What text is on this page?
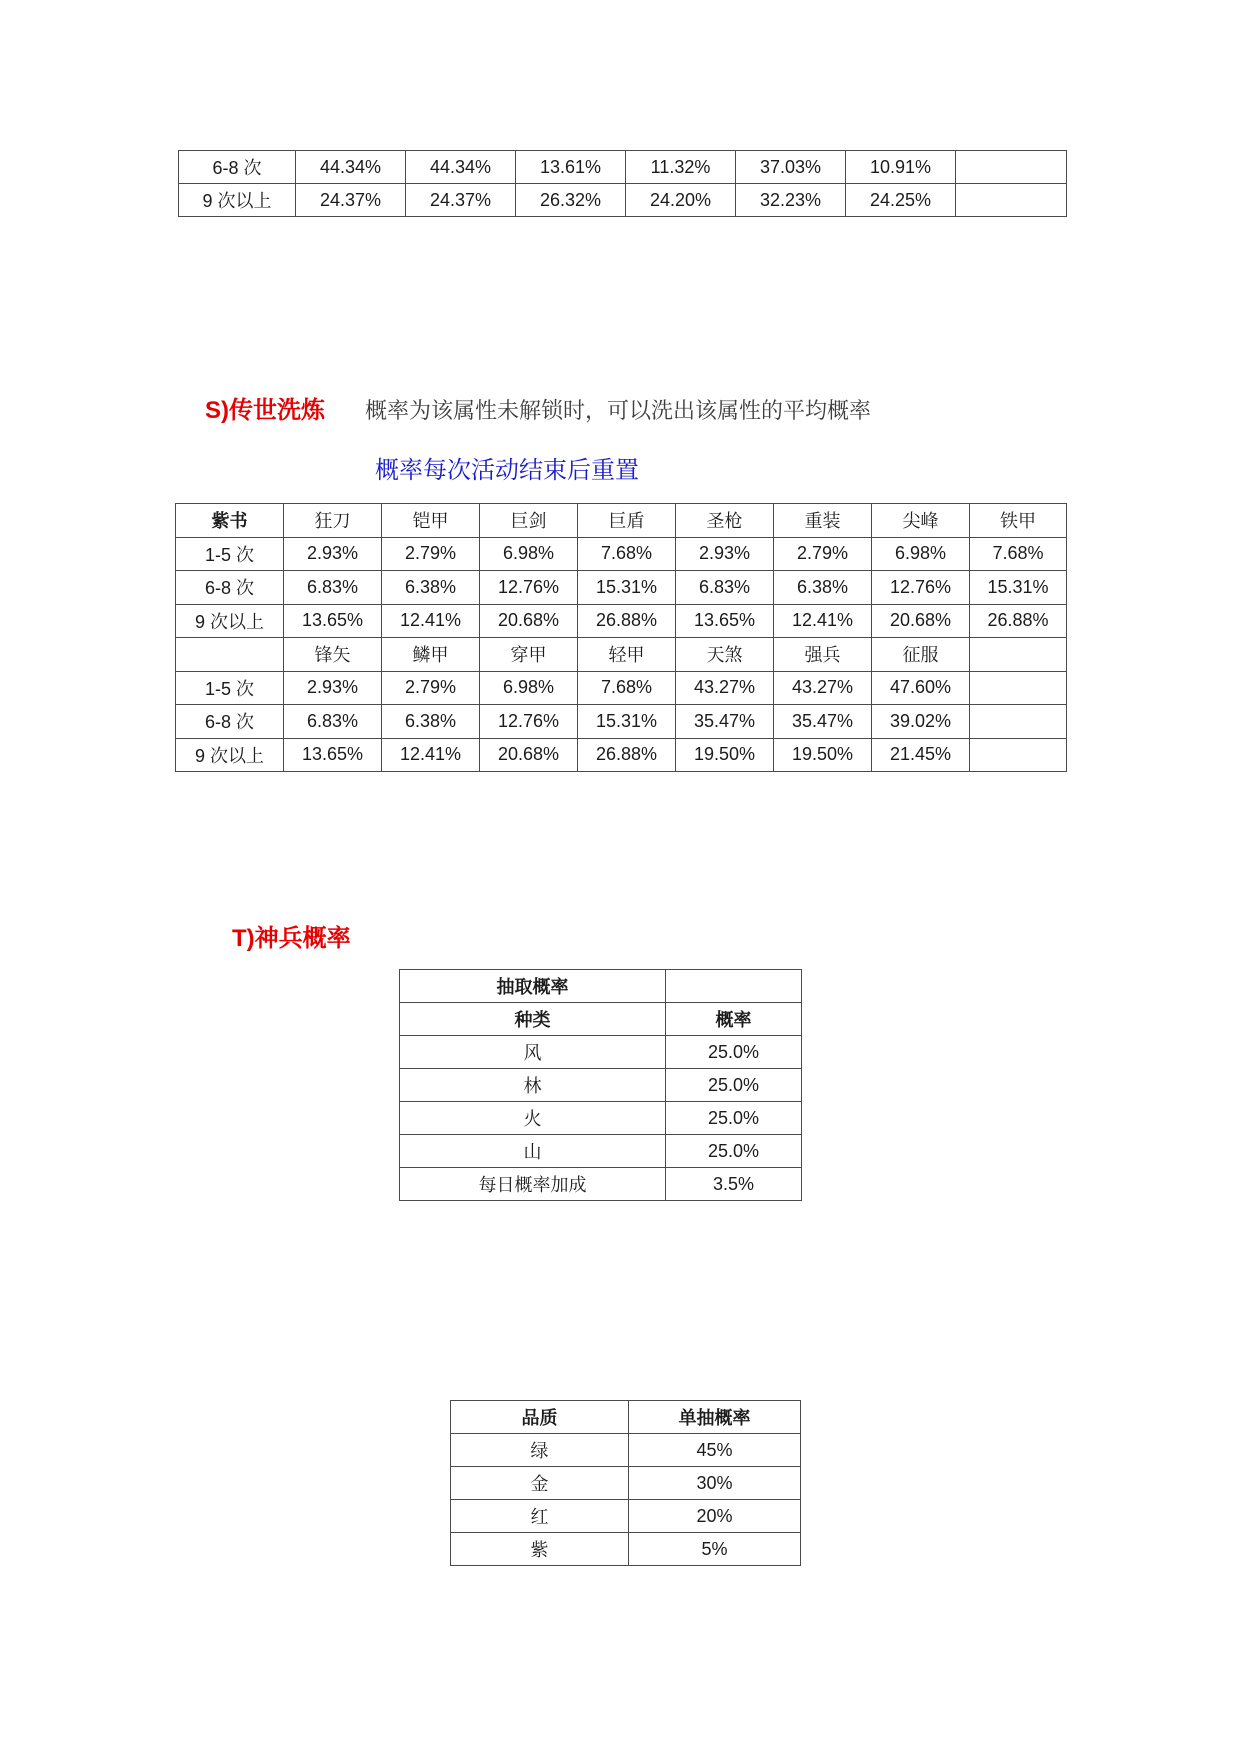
6-8 次	44.34%	44.34%	13.61%	11.32%	37.03%	10.91%	
9 次以上	24.37%	24.37%	26.32%	24.20%	32.23%	24.25%	
S)传世洗炼 概率为该属性未解锁时，可以洗出该属性的平均概率
概率每次活动结束后重置
紫书	狂刀	铠甲	巨剑	巨盾	圣枪	重装	尖峰	铁甲
1-5 次	2.93%	2.79%	6.98%	7.68%	2.93%	2.79%	6.98%	7.68%
6-8 次	6.83%	6.38%	12.76%	15.31%	6.83%	6.38%	12.76%	15.31%
9 次以上	13.65%	12.41%	20.68%	26.88%	13.65%	12.41%	20.68%	26.88%
	锋矢	鳞甲	穿甲	轻甲	天煞	强兵	征服	
1-5 次	2.93%	2.79%	6.98%	7.68%	43.27%	43.27%	47.60%	
6-8 次	6.83%	6.38%	12.76%	15.31%	35.47%	35.47%	39.02%	
9 次以上	13.65%	12.41%	20.68%	26.88%	19.50%	19.50%	21.45%	
T)神兵概率
抽取概率	
种类	概率
风	25.0%
林	25.0%
火	25.0%
山	25.0%
每日概率加成	3.5%
品质	单抽概率
绿	45%
金	30%
红	20%
紫	5%
